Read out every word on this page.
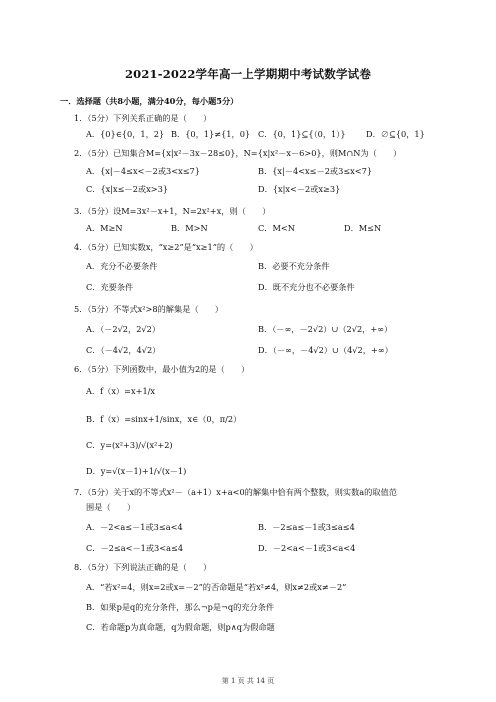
2021-2022学年高一上学期期中考试数学试卷
一．选择题（共8小题，满分40分，每小题5分）
1．（5分）下列关系正确的是（　　）
A．{0}∈{0，1，2} B．{0，1}≠{1，0} C．{0，1}⊆{（0，1）} D．∅⊆{0，1}
2．（5分）已知集合M={x|x²－3x－28≤0}，N={x|x²－x－6>0}，则M∩N为（　　）
A．{x|－4≤x<－2或3<x≤7}	B．{x|－4<x≤－2或3≤x<7}
C．{x|x≤－2或x>3}	D．{x|x<－2或x≥3}
3．（5分）设M=3x²－x+1，N=2x²+x，则（　　）
A．M≥N	B．M>N	C．M<N	D．M≤N
4．（5分）已知实数x，“x≥2”是“x≥1”的（　　）
A．充分不必要条件	B．必要不充分条件
C．充要条件	D．既不充分也不必要条件
5．（5分）不等式x²>8的解集是（　　）
A．（－2√2，2√2）	B．（－∞，－2√2）∪（2√2，+∞）
C．（－4√2，4√2）	D．（－∞，－4√2）∪（4√2，+∞）
6．（5分）下列函数中，最小值为2的是（　　）
A．f（x）=x+1/x
B．f（x）=sinx+1/sinx，x∈（0，π/2）
C．y=(x²+3)/√(x²+2)
D．y=√(x－1)+1/√(x－1)
7．（5分）关于x的不等式x²－（a+1）x+a<0的解集中恰有两个整数，则实数a的取值范
围是（　　）
A．－2<a≤－1或3≤a<4	B．－2≤a≤－1或3≤a≤4
C．－2≤a<－1或3<a≤4	D．－2<a<－1或3<a<4
8．（5分）下列说法正确的是（　　）
A．“若x²=4，则x=2或x=－2”的否命题是“若x²≠4，则x≠2或x≠－2”
B．如果p是q的充分条件，那么¬p是¬q的充分条件
C．若命题p为真命题，q为假命题，则p∧q为假命题
第 1 页 共 14 页
